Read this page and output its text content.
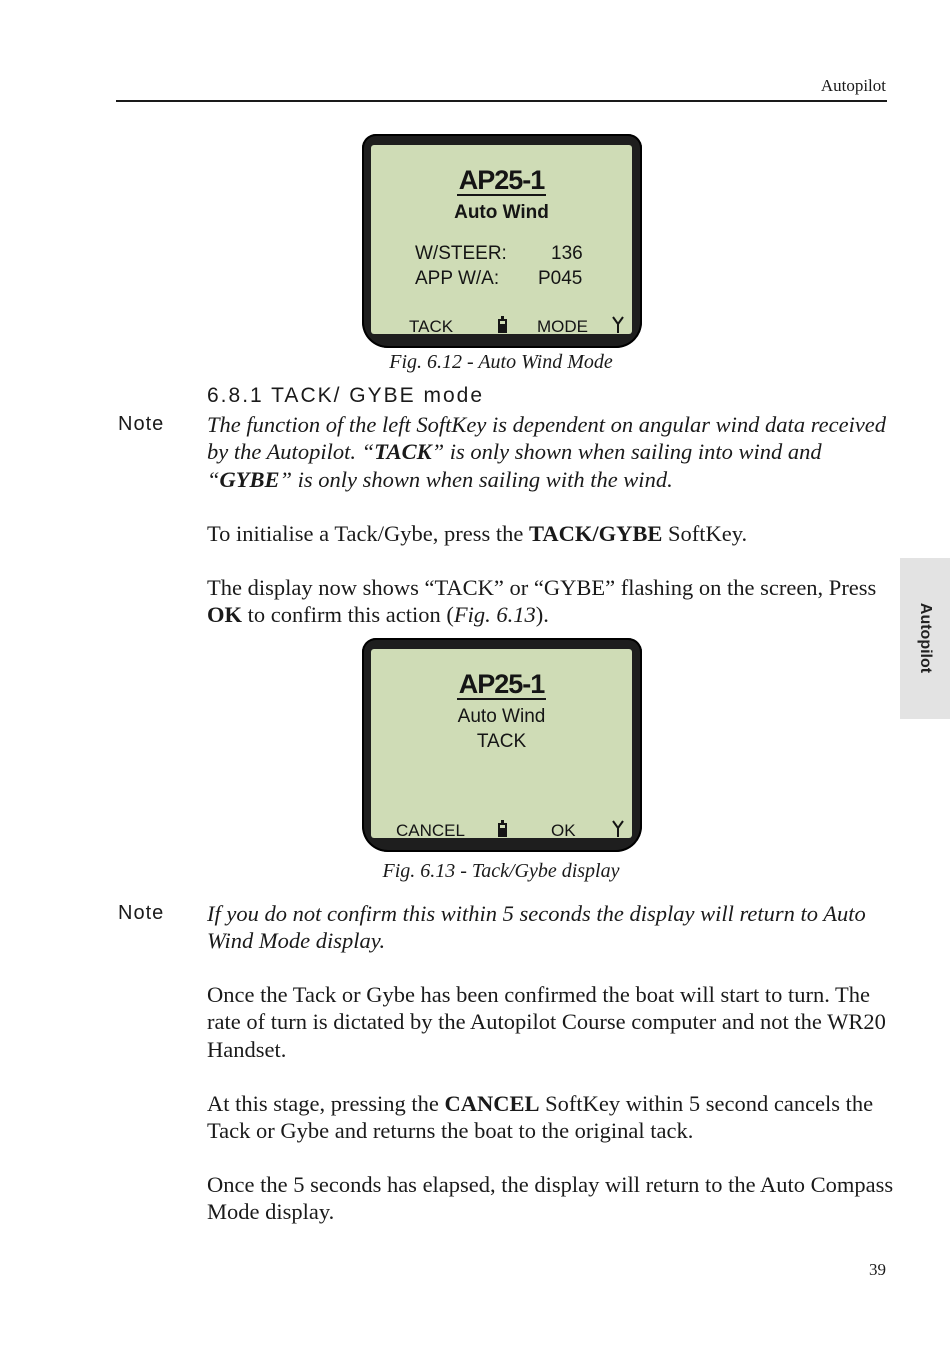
Autopilot
Autopilot
AP25-1
Auto Wind
W/STEER: 136
APP W/A: P045
TACK	MODE
Fig. 6.12 - Auto Wind Mode
6.8.1 TACK/ GYBE mode
Note The function of the left SoftKey is dependent on angular wind data received by the Autopilot. “TACK” is only shown when sailing into wind and “GYBE” is only shown when sailing with the wind.
To initialise a Tack/Gybe, press the TACK/GYBE SoftKey.
The display now shows “TACK” or “GYBE” flashing on the screen, Press OK to confirm this action (Fig. 6.13).
AP25-1
Auto Wind
TACK
CANCEL	OK
Fig. 6.13 - Tack/Gybe display
Note If you do not confirm this within 5 seconds the display will return to Auto Wind Mode display.
Once the Tack or Gybe has been confirmed the boat will start to turn. The rate of turn is dictated by the Autopilot Course computer and not the WR20 Handset.
At this stage, pressing the CANCEL SoftKey within 5 second cancels the Tack or Gybe and returns the boat to the original tack.
Once the 5 seconds has elapsed, the display will return to the Auto Compass Mode display.
39
